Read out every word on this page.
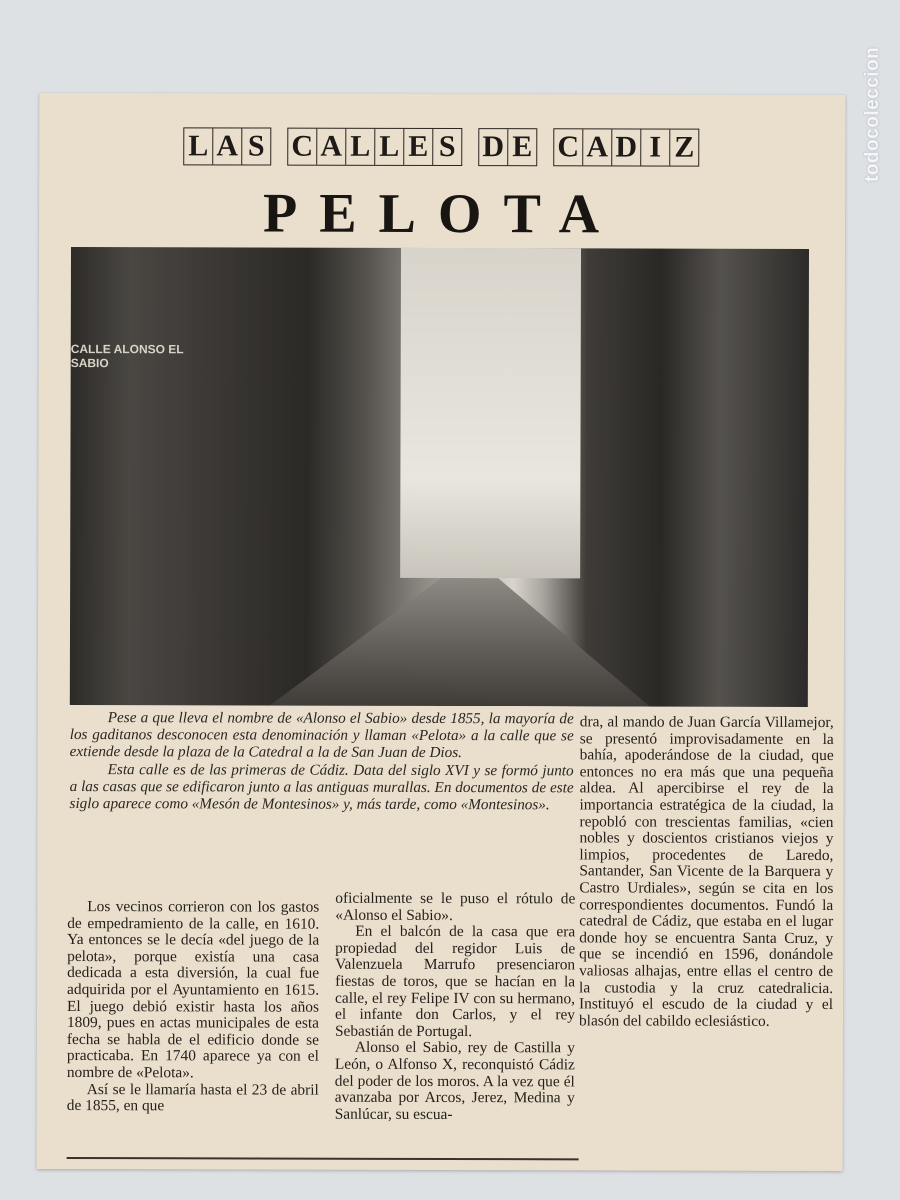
todocoleccion
L A S C A L L E S D E C A D I Z
PELOTA
CALLE ALONSO EL SABIO

Pese a que lleva el nombre de «Alonso el Sabio» desde 1855, la mayoría de los gaditanos desconocen esta denominación y llaman «Pelota» a la calle que se extiende desde la plaza de la Catedral a la de San Juan de Dios.

Esta calle es de las primeras de Cádiz. Data del siglo XVI y se formó junto a las casas que se edificaron junto a las antiguas murallas. En documentos de este siglo aparece como «Mesón de Montesinos» y, más tarde, como «Montesinos».

Los vecinos corrieron con los gastos de empedramiento de la calle, en 1610. Ya entonces se le decía «del juego de la pelota», porque existía una casa dedicada a esta diversión, la cual fue adquirida por el Ayuntamiento en 1615. El juego debió existir hasta los años 1809, pues en actas municipales de esta fecha se habla de el edificio donde se practicaba. En 1740 aparece ya con el nombre de «Pelota».

Así se le llamaría hasta el 23 de abril de 1855, en que

oficialmente se le puso el rótulo de «Alonso el Sabio».

En el balcón de la casa que era propiedad del regidor Luis de Valenzuela Marrufo presenciaron fiestas de toros, que se hacían en la calle, el rey Felipe IV con su hermano, el infante don Carlos, y el rey Sebastián de Portugal.

Alonso el Sabio, rey de Castilla y León, o Alfonso X, reconquistó Cádiz del poder de los moros. A la vez que él avanzaba por Arcos, Jerez, Medina y Sanlúcar, su escua-

dra, al mando de Juan García Villamejor, se presentó improvisadamente en la bahía, apoderándose de la ciudad, que entonces no era más que una pequeña aldea. Al apercibirse el rey de la importancia estratégica de la ciudad, la repobló con trescientas familias, «cien nobles y doscientos cristianos viejos y limpios, procedentes de Laredo, Santander, San Vicente de la Barquera y Castro Urdiales», según se cita en los correspondientes documentos. Fundó la catedral de Cádiz, que estaba en el lugar donde hoy se encuentra Santa Cruz, y que se incendió en 1596, donándole valiosas alhajas, entre ellas el centro de la custodia y la cruz catedralicia. Instituyó el escudo de la ciudad y el blasón del cabildo eclesiástico.
